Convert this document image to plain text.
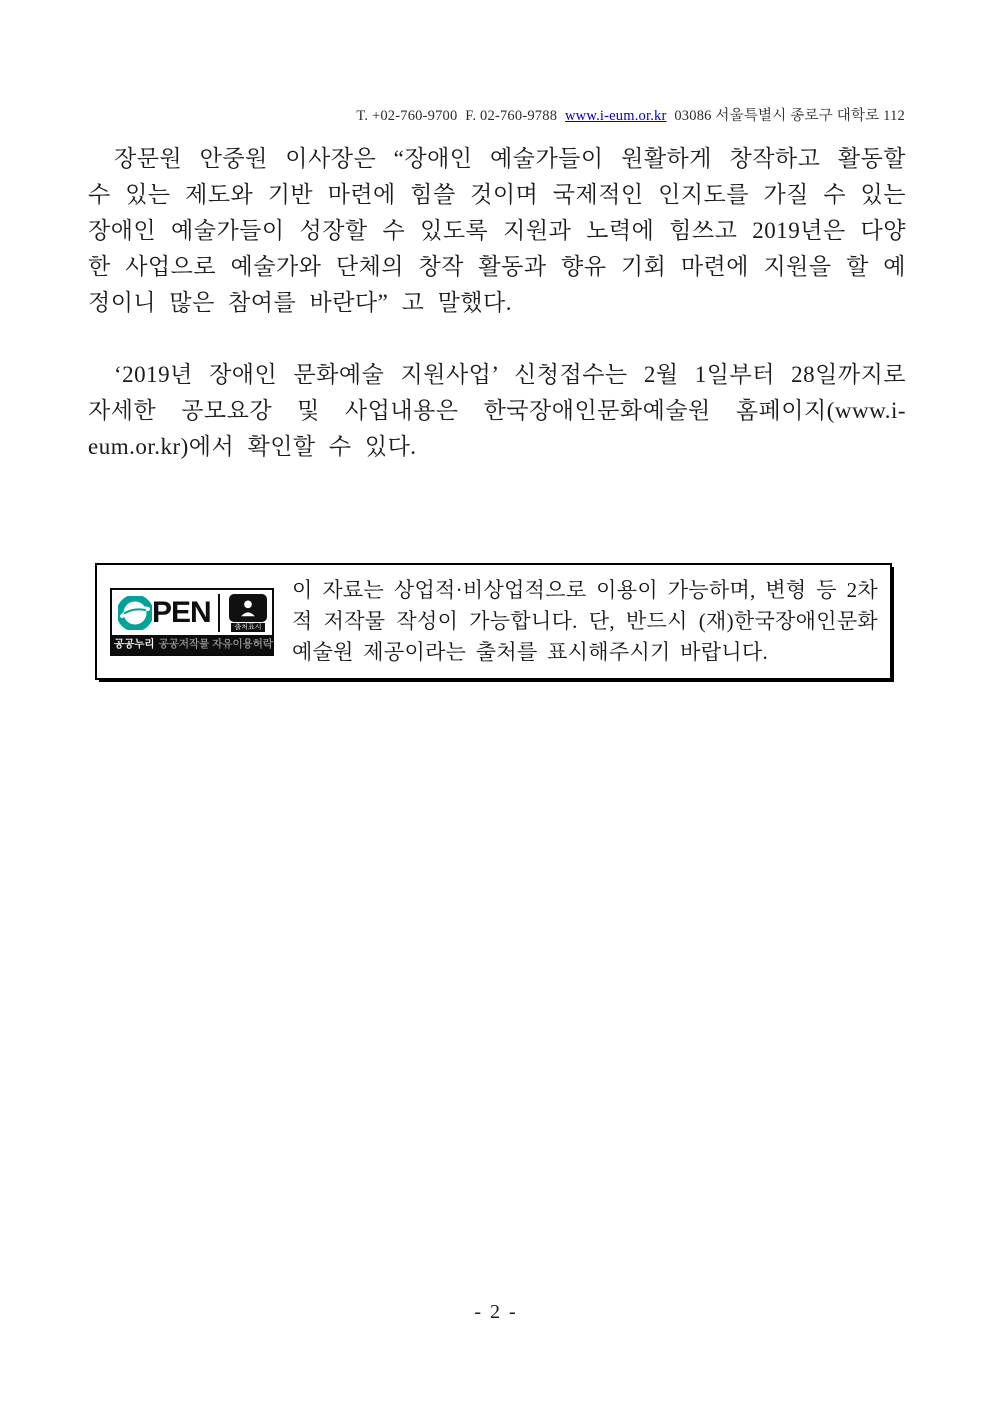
T. +02-760-9700 F. 02-760-9788 www.i-eum.or.kr 03086 서울특별시 종로구 대학로 112

장문원 안중원 이사장은 “장애인 예술가들이 원활하게 창작하고 활동할 수 있는 제도와 기반 마련에 힘쓸 것이며 국제적인 인지도를 가질 수 있는 장애인 예술가들이 성장할 수 있도록 지원과 노력에 힘쓰고 2019년은 다양한 사업으로 예술가와 단체의 창작 활동과 향유 기회 마련에 지원을 할 예정이니 많은 참여를 바란다” 고 말했다.

‘2019년 장애인 문화예술 지원사업’ 신청접수는 2월 1일부터 28일까지로 자세한 공모요강 및 사업내용은 한국장애인문화예술원 홈페이지(www.i-eum.or.kr)에서 확인할 수 있다.

PEN	출처표시
공공누리 공공저작물 자유이용허락
이 자료는 상업적·비상업적으로 이용이 가능하며, 변형 등 2차적 저작물 작성이 가능합니다. 단, 반드시 (재)한국장애인문화예술원 제공이라는 출처를 표시해주시기 바랍니다.
- 2 -
